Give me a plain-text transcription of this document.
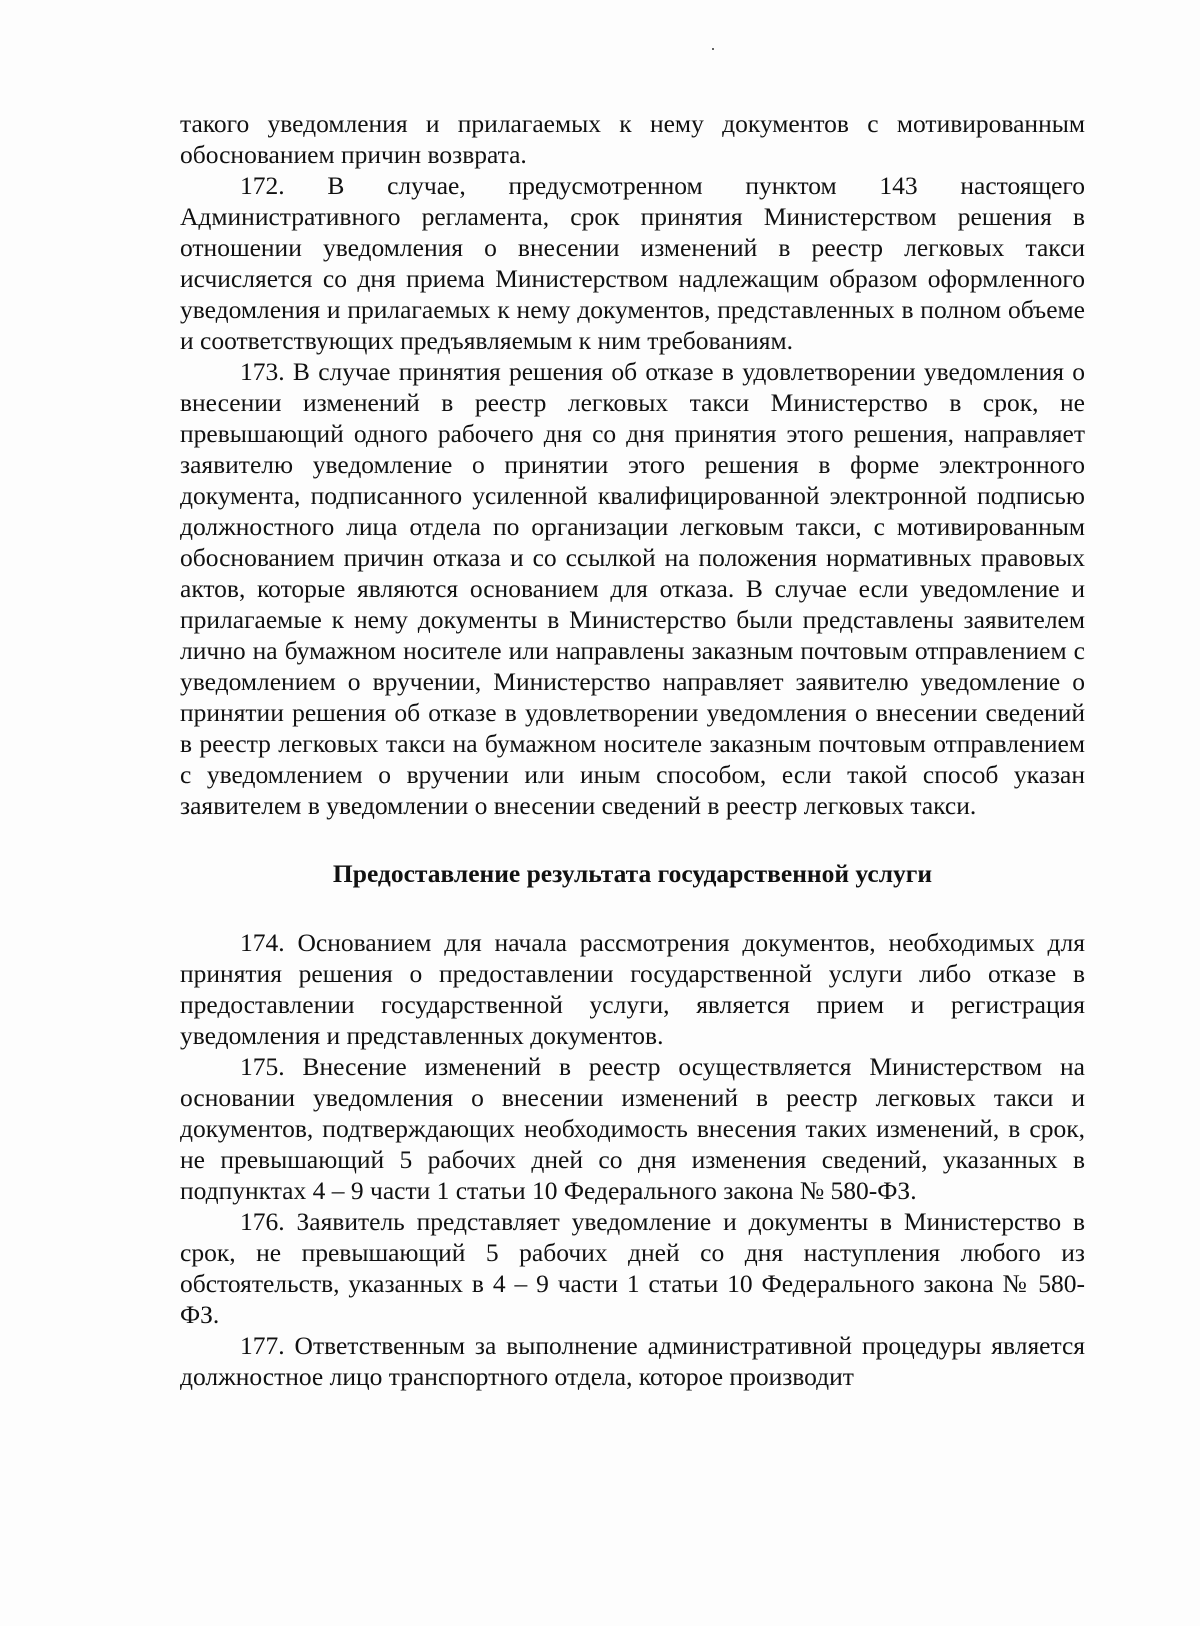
такого уведомления и прилагаемых к нему документов с мотивированным обоснованием причин возврата.

172. В случае, предусмотренном пунктом 143 настоящего Административного регламента, срок принятия Министерством решения в отношении уведомления о внесении изменений в реестр легковых такси исчисляется со дня приема Министерством надлежащим образом оформленного уведомления и прилагаемых к нему документов, представленных в полном объеме и соответствующих предъявляемым к ним требованиям.

173. В случае принятия решения об отказе в удовлетворении уведомления о внесении изменений в реестр легковых такси Министерство в срок, не превышающий одного рабочего дня со дня принятия этого решения, направляет заявителю уведомление о принятии этого решения в форме электронного документа, подписанного усиленной квалифицированной электронной подписью должностного лица отдела по организации легковым такси, с мотивированным обоснованием причин отказа и со ссылкой на положения нормативных правовых актов, которые являются основанием для отказа. В случае если уведомление и прилагаемые к нему документы в Министерство были представлены заявителем лично на бумажном носителе или направлены заказным почтовым отправлением с уведомлением о вручении, Министерство направляет заявителю уведомление о принятии решения об отказе в удовлетворении уведомления о внесении сведений в реестр легковых такси на бумажном носителе заказным почтовым отправлением с уведомлением о вручении или иным способом, если такой способ указан заявителем в уведомлении о внесении сведений в реестр легковых такси.

Предоставление результата государственной услуги

174. Основанием для начала рассмотрения документов, необходимых для принятия решения о предоставлении государственной услуги либо отказе в предоставлении государственной услуги, является прием и регистрация уведомления и представленных документов.

175. Внесение изменений в реестр осуществляется Министерством на основании уведомления о внесении изменений в реестр легковых такси и документов, подтверждающих необходимость внесения таких изменений, в срок, не превышающий 5 рабочих дней со дня изменения сведений, указанных в подпунктах 4 – 9 части 1 статьи 10 Федерального закона № 580-ФЗ.

176. Заявитель представляет уведомление и документы в Министерство в срок, не превышающий 5 рабочих дней со дня наступления любого из обстоятельств, указанных в 4 – 9 части 1 статьи 10 Федерального закона № 580-ФЗ.

177. Ответственным за выполнение административной процедуры является должностное лицо транспортного отдела, которое производит
